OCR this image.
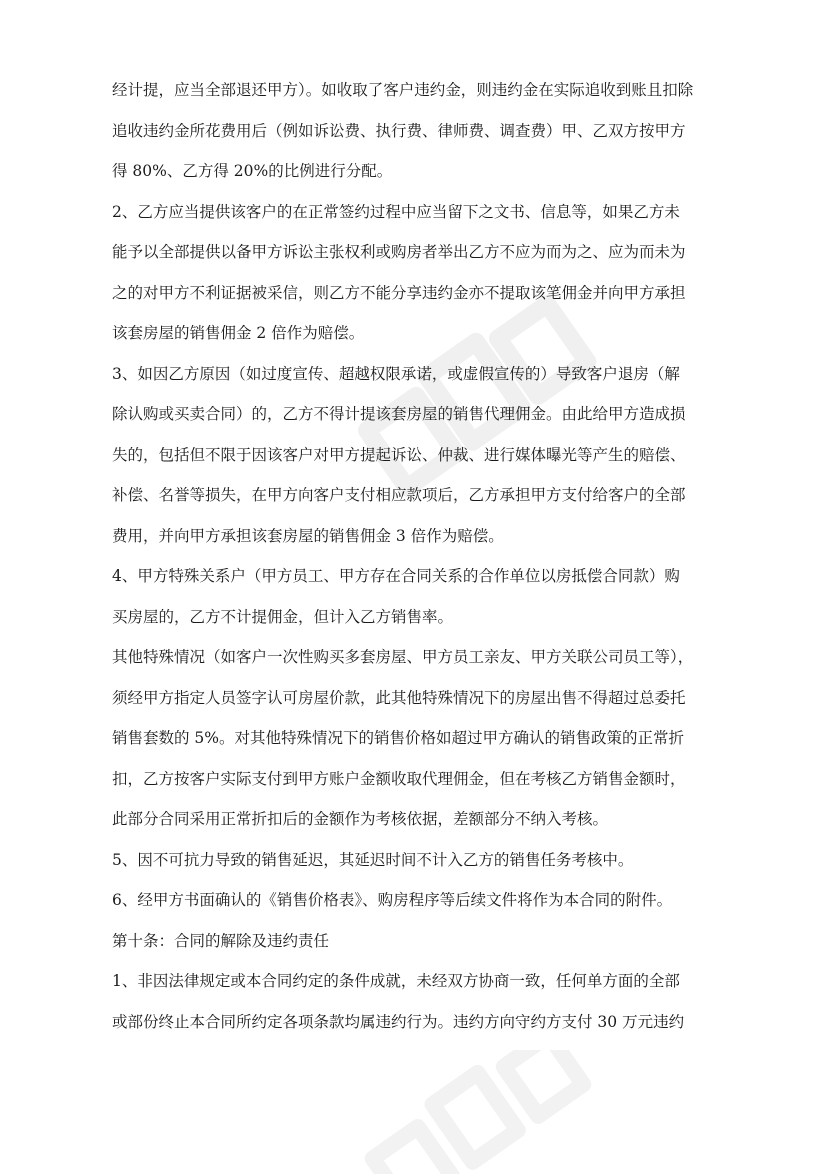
经计提，应当全部退还甲方）。如收取了客户违约金，则违约金在实际追收到账且扣除
追收违约金所花费用后（例如诉讼费、执行费、律师费、调查费）甲、乙双方按甲方
得 80%、乙方得 20%的比例进行分配。
2、乙方应当提供该客户的在正常签约过程中应当留下之文书、信息等，如果乙方未
能予以全部提供以备甲方诉讼主张权利或购房者举出乙方不应为而为之、应为而未为
之的对甲方不利证据被采信，则乙方不能分享违约金亦不提取该笔佣金并向甲方承担
该套房屋的销售佣金 2 倍作为赔偿。
3、如因乙方原因（如过度宣传、超越权限承诺，或虚假宣传的）导致客户退房（解
除认购或买卖合同）的，乙方不得计提该套房屋的销售代理佣金。由此给甲方造成损
失的，包括但不限于因该客户对甲方提起诉讼、仲裁、进行媒体曝光等产生的赔偿、
补偿、名誉等损失，在甲方向客户支付相应款项后，乙方承担甲方支付给客户的全部
费用，并向甲方承担该套房屋的销售佣金 3 倍作为赔偿。
4、甲方特殊关系户（甲方员工、甲方存在合同关系的合作单位以房抵偿合同款）购
买房屋的，乙方不计提佣金，但计入乙方销售率。
其他特殊情况（如客户一次性购买多套房屋、甲方员工亲友、甲方关联公司员工等），
须经甲方指定人员签字认可房屋价款，此其他特殊情况下的房屋出售不得超过总委托
销售套数的 5%。对其他特殊情况下的销售价格如超过甲方确认的销售政策的正常折
扣，乙方按客户实际支付到甲方账户金额收取代理佣金，但在考核乙方销售金额时，
此部分合同采用正常折扣后的金额作为考核依据，差额部分不纳入考核。
5、因不可抗力导致的销售延迟，其延迟时间不计入乙方的销售任务考核中。
6、经甲方书面确认的《销售价格表》、购房程序等后续文件将作为本合同的附件。
第十条：合同的解除及违约责任
1、非因法律规定或本合同约定的条件成就，未经双方协商一致，任何单方面的全部
或部份终止本合同所约定各项条款均属违约行为。违约方向守约方支付 30 万元违约
